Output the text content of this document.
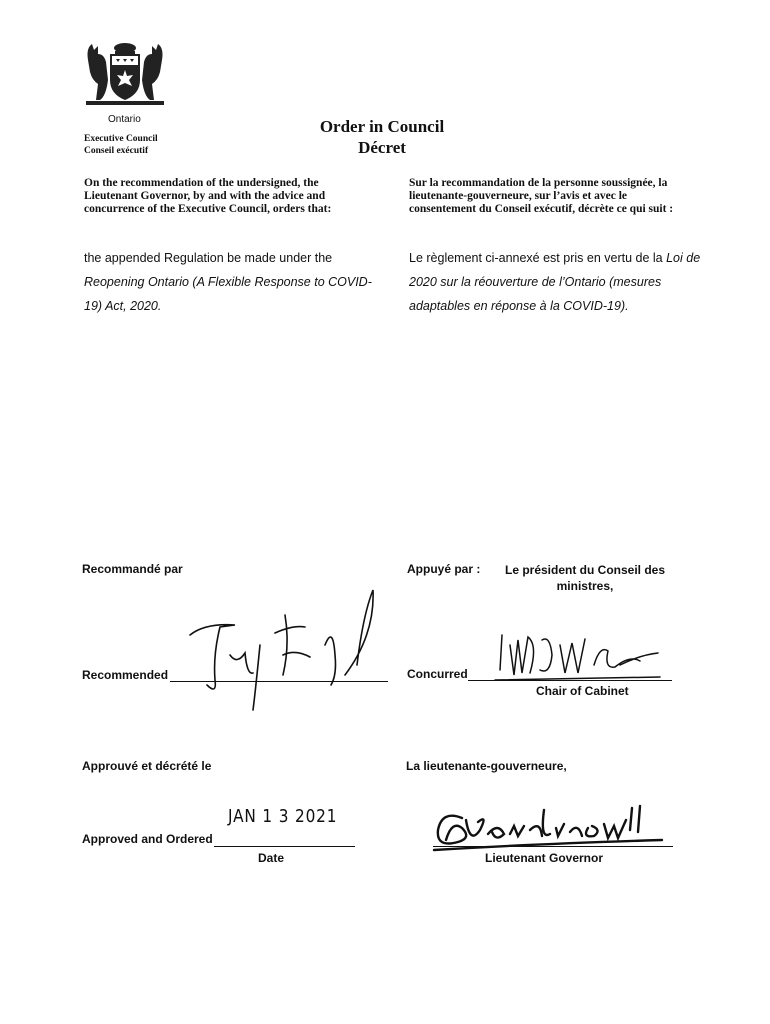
Ontario
Executive Council
Conseil exécutif
Order in Council
Décret
On the recommendation of the undersigned, the Lieutenant Governor, by and with the advice and concurrence of the Executive Council, orders that:
Sur la recommandation de la personne soussignée, la lieutenante-gouverneure, sur l’avis et avec le consentement du Conseil exécutif, décrète ce qui suit :
the appended Regulation be made under the Reopening Ontario (A Flexible Response to COVID-19) Act, 2020.
Le règlement ci-annexé est pris en vertu de la Loi de 2020 sur la réouverture de l’Ontario (mesures adaptables en réponse à la COVID-19).
Recommandé par	Appuyé par :	Le président du Conseil des ministres,
Recommended	Concurred
Chair of Cabinet
Approuvé et décrété le	La lieutenante-gouverneure,
JAN 1 3 2021
Approved and Ordered
Date	Lieutenant Governor
